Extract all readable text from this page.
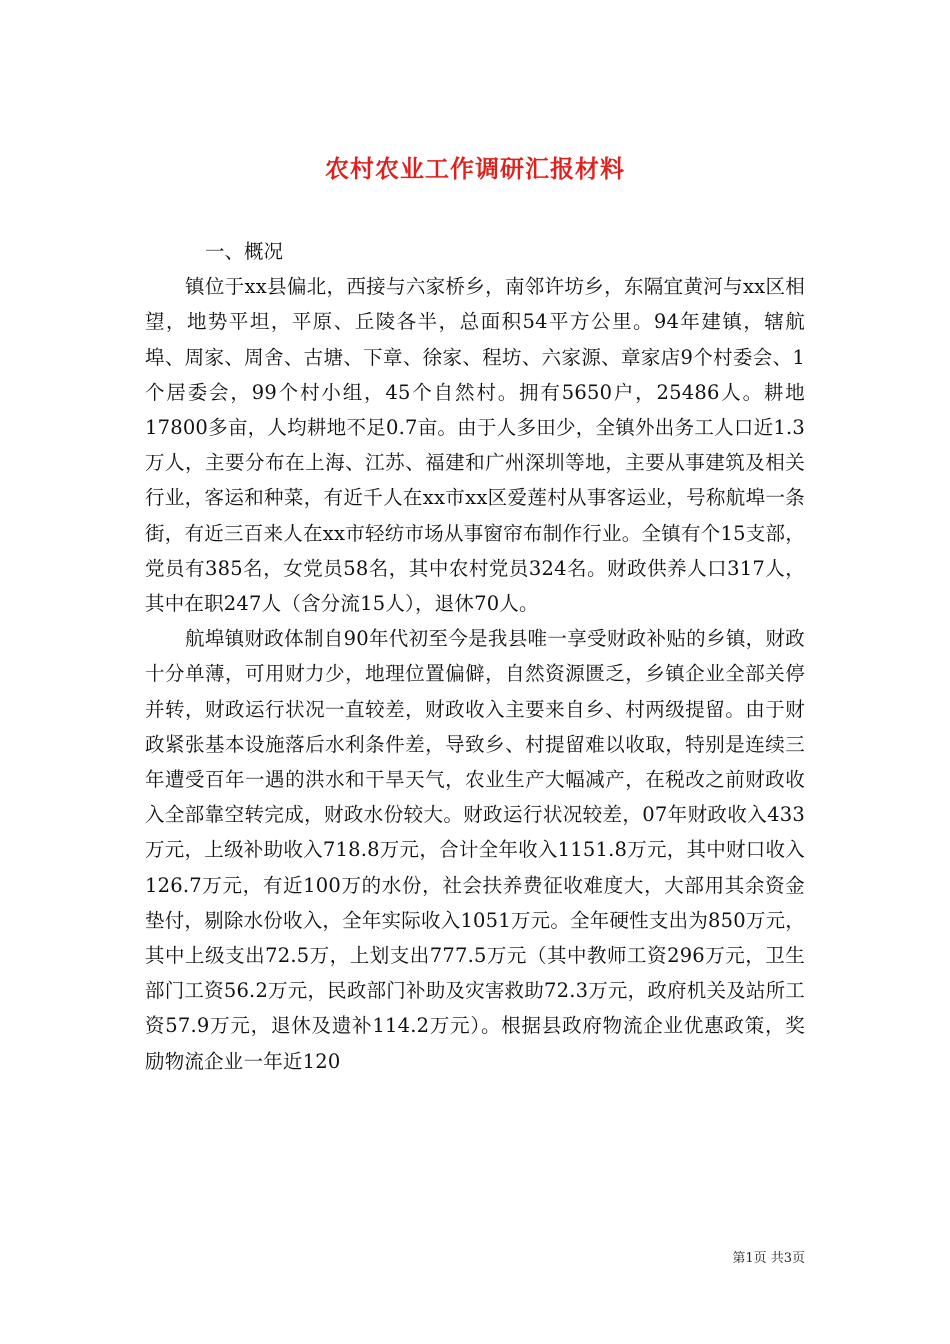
农村农业工作调研汇报材料

一、概况

镇位于xx县偏北，西接与六家桥乡，南邻许坊乡，东隔宜黄河与xx区相望，地势平坦，平原、丘陵各半，总面积54平方公里。94年建镇，辖航埠、周家、周舍、古塘、下章、徐家、程坊、六家源、章家店9个村委会、1个居委会，99个村小组，45个自然村。拥有5650户，25486人。耕地17800多亩，人均耕地不足0.7亩。由于人多田少，全镇外出务工人口近1.3万人，主要分布在上海、江苏、福建和广州深圳等地，主要从事建筑及相关行业，客运和种菜，有近千人在xx市xx区爱莲村从事客运业，号称航埠一条街，有近三百来人在xx市轻纺市场从事窗帘布制作行业。全镇有个15支部，党员有385名，女党员58名，其中农村党员324名。财政供养人口317人，其中在职247人（含分流15人），退休70人。

航埠镇财政体制自90年代初至今是我县唯一享受财政补贴的乡镇，财政十分单薄，可用财力少，地理位置偏僻，自然资源匮乏，乡镇企业全部关停并转，财政运行状况一直较差，财政收入主要来自乡、村两级提留。由于财政紧张基本设施落后水利条件差，导致乡、村提留难以收取，特别是连续三年遭受百年一遇的洪水和干旱天气，农业生产大幅减产，在税改之前财政收入全部靠空转完成，财政水份较大。财政运行状况较差，07年财政收入433万元，上级补助收入718.8万元，合计全年收入1151.8万元，其中财口收入126.7万元，有近100万的水份，社会扶养费征收难度大，大部用其余资金垫付，剔除水份收入，全年实际收入1051万元。全年硬性支出为850万元，其中上级支出72.5万，上划支出777.5万元（其中教师工资296万元，卫生部门工资56.2万元，民政部门补助及灾害救助72.3万元，政府机关及站所工资57.9万元，退休及遗补114.2万元）。根据县政府物流企业优惠政策，奖励物流企业一年近120

第1页 共3页
